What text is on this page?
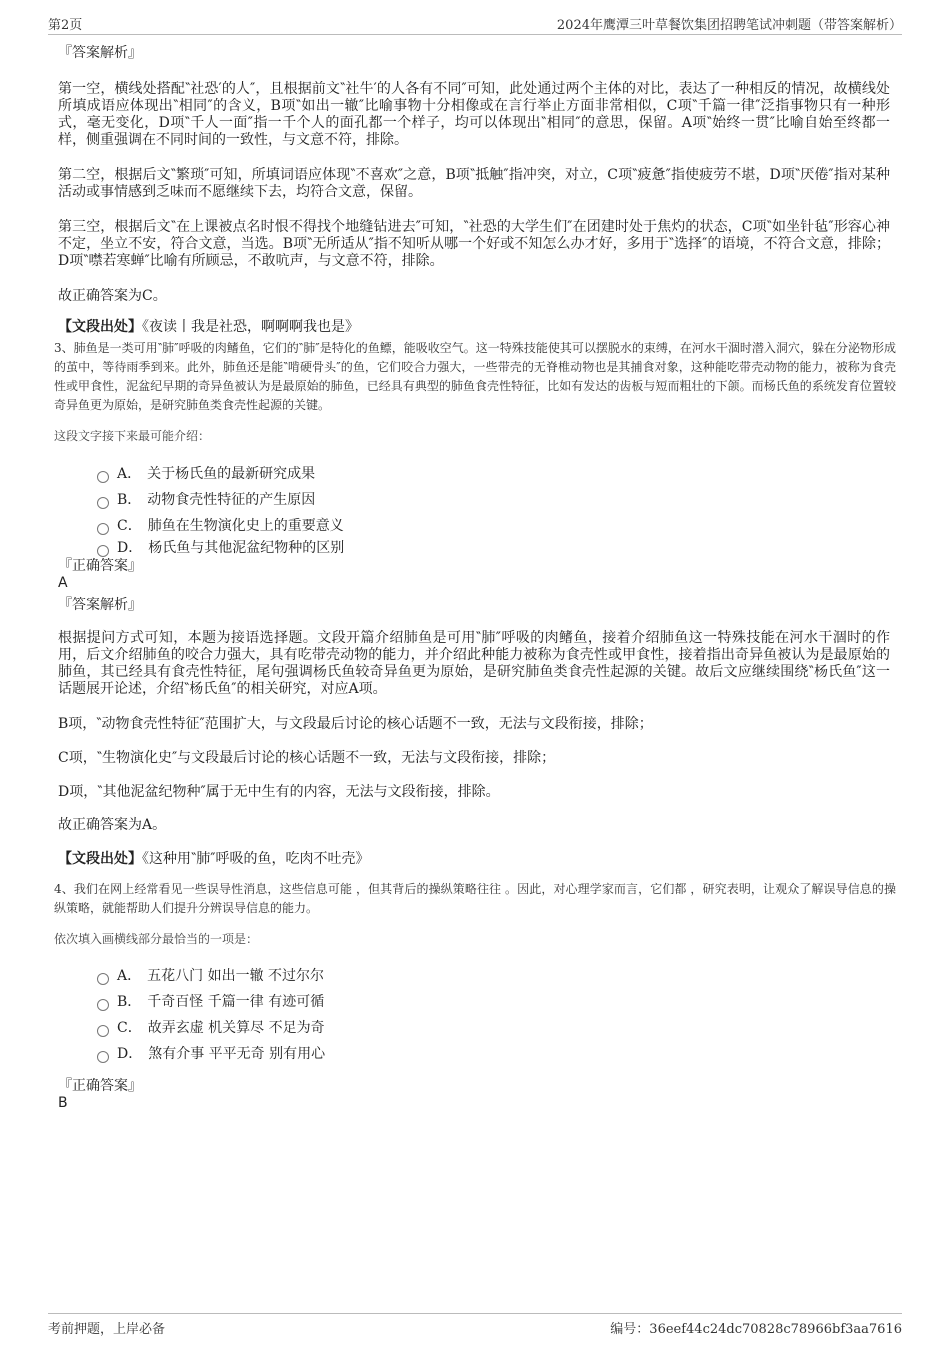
第2页	2024年鹰潭三叶草餐饮集团招聘笔试冲刺题（带答案解析）
『答案解析』
第一空，横线处搭配‶社恐′的人″，且根据前文‶社牛′的人各有不同″可知，此处通过两个主体的对比，表达了一种相反的情况，故横线处所填成语应体现出‶相同″的含义，B项‶如出一辙″比喻事物十分相像或在言行举止方面非常相似，C项‶千篇一律″泛指事物只有一种形式，毫无变化，D项‶千人一面″指一千个人的面孔都一个样子，均可以体现出‶相同″的意思，保留。A项‶始终一贯″比喻自始至终都一样，侧重强调在不同时间的一致性，与文意不符，排除。
第二空，根据后文‶繁琐″可知，所填词语应体现‶不喜欢″之意，B项‶抵触″指冲突，对立，C项‶疲惫″指使疲劳不堪，D项‶厌倦″指对某种活动或事情感到乏味而不愿继续下去，均符合文意，保留。
第三空，根据后文‶在上课被点名时恨不得找个地缝钻进去″可知，‶社恐的大学生们″在团建时处于焦灼的状态，C项‶如坐针毡″形容心神不定，坐立不安，符合文意，当选。B项‶无所适从″指不知听从哪一个好或不知怎么办才好，多用于‶选择″的语境，不符合文意，排除；D项‶噤若寒蝉″比喻有所顾忌，不敢吭声，与文意不符，排除。
故正确答案为C。
【文段出处】《夜读丨我是社恐，啊啊啊我也是》
3、肺鱼是一类可用‶肺″呼吸的肉鳍鱼，它们的‶肺″是特化的鱼鳔，能吸收空气。这一特殊技能使其可以摆脱水的束缚，在河水干涸时潜入洞穴，躲在分泌物形成的茧中，等待雨季到来。此外，肺鱼还是能‶啃硬骨头″的鱼，它们咬合力强大，一些带壳的无脊椎动物也是其捕食对象，这种能吃带壳动物的能力，被称为食壳性或甲食性，泥盆纪早期的奇异鱼被认为是最原始的肺鱼，已经具有典型的肺鱼食壳性特征，比如有发达的齿板与短而粗壮的下颌。而杨氏鱼的系统发育位置较奇异鱼更为原始，是研究肺鱼类食壳性起源的关键。
这段文字接下来最可能介绍：
A． 关于杨氏鱼的最新研究成果
B． 动物食壳性特征的产生原因
C． 肺鱼在生物演化史上的重要意义
D． 杨氏鱼与其他泥盆纪物种的区别
『正确答案』
A
『答案解析』
根据提问方式可知，本题为接语选择题。文段开篇介绍肺鱼是可用‶肺″呼吸的肉鳍鱼，接着介绍肺鱼这一特殊技能在河水干涸时的作用，后文介绍肺鱼的咬合力强大，具有吃带壳动物的能力，并介绍此种能力被称为食壳性或甲食性，接着指出奇异鱼被认为是最原始的肺鱼，其已经具有食壳性特征，尾句强调杨氏鱼较奇异鱼更为原始，是研究肺鱼类食壳性起源的关键。故后文应继续围绕‶杨氏鱼″这一话题展开论述，介绍‶杨氏鱼″的相关研究，对应A项。
B项，‶动物食壳性特征″范围扩大，与文段最后讨论的核心话题不一致，无法与文段衔接，排除；
C项，‶生物演化史″与文段最后讨论的核心话题不一致，无法与文段衔接，排除；
D项，‶其他泥盆纪物种″属于无中生有的内容，无法与文段衔接，排除。
故正确答案为A。
【文段出处】《这种用‶肺″呼吸的鱼，吃肉不吐壳》
4、我们在网上经常看见一些误导性消息，这些信息可能 ，但其背后的操纵策略往往 。因此，对心理学家而言，它们都 ，研究表明，让观众了解误导信息的操纵策略，就能帮助人们提升分辨误导信息的能力。
依次填入画横线部分最恰当的一项是：
A． 五花八门 如出一辙 不过尔尔
B． 千奇百怪 千篇一律 有迹可循
C． 故弄玄虚 机关算尽 不足为奇
D． 煞有介事 平平无奇 别有用心
『正确答案』
B
考前押题，上岸必备	编号：36eef44c24dc70828c78966bf3aa7616
